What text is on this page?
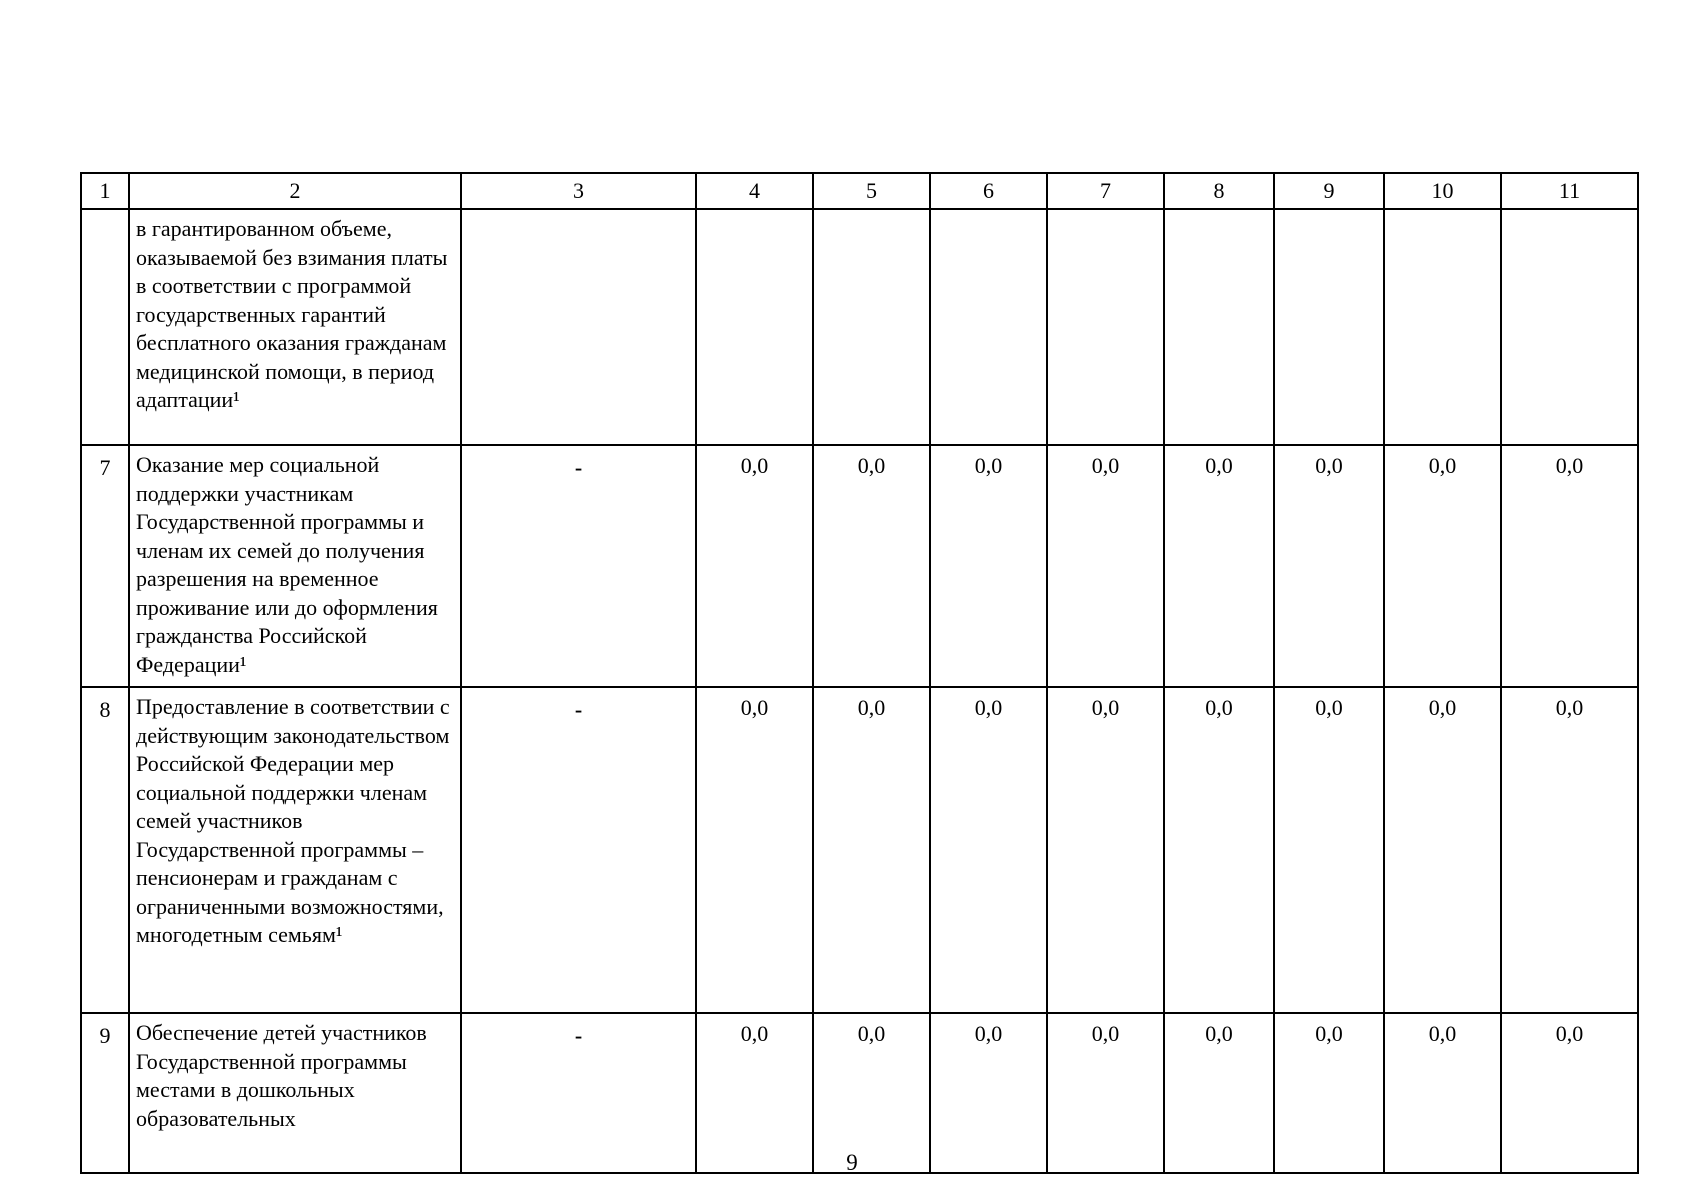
1	2	3	4	5	6	7	8	9	10	11
	в гарантированном объеме, оказываемой без взимания платы в соответствии с программой государственных гарантий бесплатного оказания гражданам медицинской помощи, в период адаптации¹									
7	Оказание мер социальной поддержки участникам Государственной программы и членам их семей до получения разрешения на временное проживание или до оформления гражданства Российской Федерации¹	-	0,0	0,0	0,0	0,0	0,0	0,0	0,0	0,0
8	Предоставление в соответствии с действующим законодательством Российской Федерации мер социальной поддержки членам семей участников Государственной программы – пенсионерам и гражданам с ограниченными возможностями, многодетным семьям¹	-	0,0	0,0	0,0	0,0	0,0	0,0	0,0	0,0
9	Обеспечение детей участников Государственной программы местами в дошкольных образовательных	-	0,0	0,0	0,0	0,0	0,0	0,0	0,0	0,0
9
